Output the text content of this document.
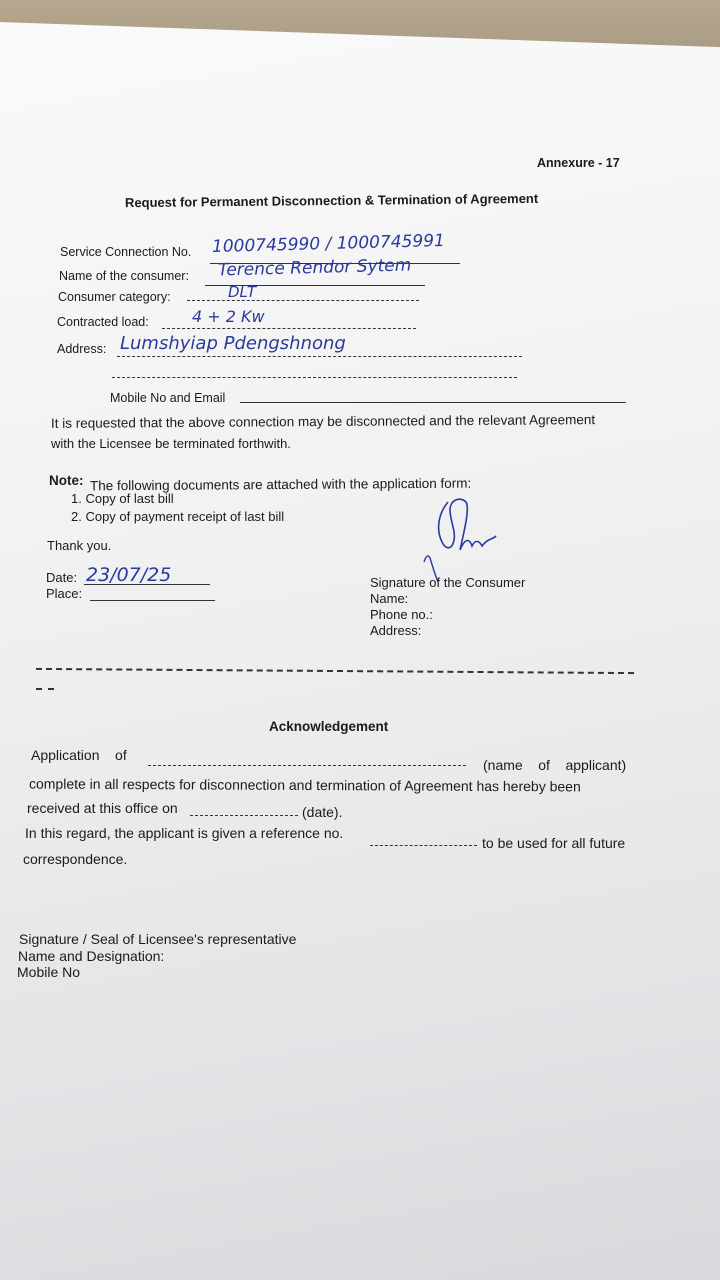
Annexure - 17
Request for Permanent Disconnection & Termination of Agreement
Service Connection No. 1000745990 / 1000745991
Name of the consumer: Terence Rendor Sytem
Consumer category:	DLT
Contracted load:	4 + 2 Kw
Address: Lumshyiap Pdengshnong
Mobile No and Email
It is requested that the above connection may be disconnected and the relevant Agreement
with the Licensee be terminated forthwith.
Note: The following documents are attached with the application form:
1. Copy of last bill
2. Copy of payment receipt of last bill
Thank you.
Date: 23/07/25
Place:
Signature of the Consumer
Name:
Phone no.:
Address:
Acknowledgement
Application    of
(name    of    applicant)
complete in all respects for disconnection and termination of Agreement has hereby been
received at this office on	(date).
In this regard, the applicant is given a reference no.
to be used for all future
correspondence.
Signature / Seal of Licensee's representative
Name and Designation:
Mobile No
